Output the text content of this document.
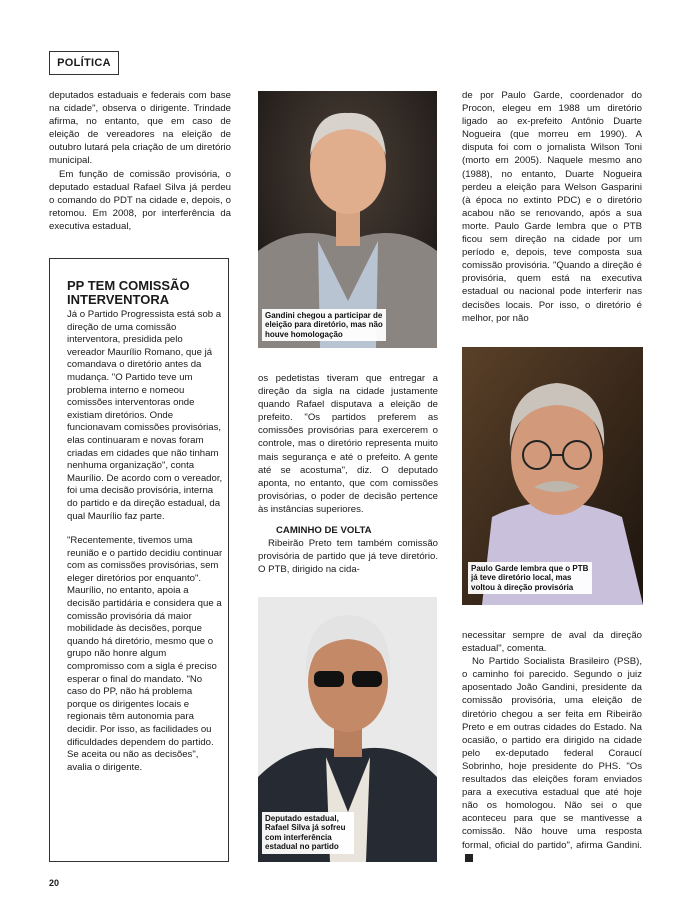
POLÍTICA

deputados estaduais e federais com base na cidade", observa o dirigente. Trindade afirma, no entanto, que em caso de eleição de vereadores na eleição de outubro lutará pela criação de um diretório municipal.

Em função de comissão provisória, o deputado estadual Rafael Silva já perdeu o comando do PDT na cidade e, depois, o retomou. Em 2008, por interferência da executiva estadual,

PP TEM COMISSÃO INTERVENTORA

Já o Partido Progressista está sob a direção de uma comissão interventora, presidida pelo vereador Maurílio Romano, que já comandava o diretório antes da mudança. "O Partido teve um problema interno e nomeou comissões interventoras onde existiam diretórios. Onde funcionavam comissões provisórias, elas continuaram e novas foram criadas em cidades que não tinham nenhuma organização", conta Maurílio. De acordo com o vereador, foi uma decisão provisória, interna do partido e da direção estadual, da qual Maurílio faz parte.

"Recentemente, tivemos uma reunião e o partido decidiu continuar com as comissões provisórias, sem eleger diretórios por enquanto". Maurílio, no entanto, apoia a decisão partidária e considera que a comissão provisória dá maior mobilidade às decisões, porque quando há diretório, mesmo que o grupo não honre algum compromisso com a sigla é preciso esperar o final do mandato. "No caso do PP, não há problema porque os dirigentes locais e regionais têm autonomia para decidir. Por isso, as facilidades ou dificuldades dependem do partido. Se aceita ou não as decisões", avalia o dirigente.

Gandini chegou a participar de eleição para diretório, mas não houve homologação

os pedetistas tiveram que entregar a direção da sigla na cidade justamente quando Rafael disputava a eleição de prefeito. "Os partidos preferem as comissões provisórias para exercerem o controle, mas o diretório representa muito mais segurança e até o prefeito. A gente até se acostuma", diz. O deputado aponta, no entanto, que com comissões provisórias, o poder de decisão pertence às instâncias superiores.

CAMINHO DE VOLTA

Ribeirão Preto tem também comissão provisória de partido que já teve diretório. O PTB, dirigido na cida-

Deputado estadual, Rafael Silva já sofreu com interferência estadual no partido

de por Paulo Garde, coordenador do Procon, elegeu em 1988 um diretório ligado ao ex-prefeito Antônio Duarte Nogueira (que morreu em 1990). A disputa foi com o jornalista Wilson Toni (morto em 2005). Naquele mesmo ano (1988), no entanto, Duarte Nogueira perdeu a eleição para Welson Gasparini (à época no extinto PDC) e o diretório acabou não se renovando, após a sua morte. Paulo Garde lembra que o PTB ficou sem direção na cidade por um período e, depois, teve composta sua comissão provisória. "Quando a direção é provisória, quem está na executiva estadual ou nacional pode interferir nas decisões locais. Por isso, o diretório é melhor, por não

Paulo Garde lembra que o PTB já teve diretório local, mas voltou à direção provisória

necessitar sempre de aval da direção estadual", comenta.

No Partido Socialista Brasileiro (PSB), o caminho foi parecido. Segundo o juiz aposentado João Gandini, presidente da comissão provisória, uma eleição de diretório chegou a ser feita em Ribeirão Preto e em outras cidades do Estado. Na ocasião, o partido era dirigido na cidade pelo ex-deputado federal Coraucí Sobrinho, hoje presidente do PHS. "Os resultados das eleições foram enviados para a executiva estadual que até hoje não os homologou. Não sei o que aconteceu para que se mantivesse a comissão. Não houve uma resposta formal, oficial do partido", afirma Gandini.

20
